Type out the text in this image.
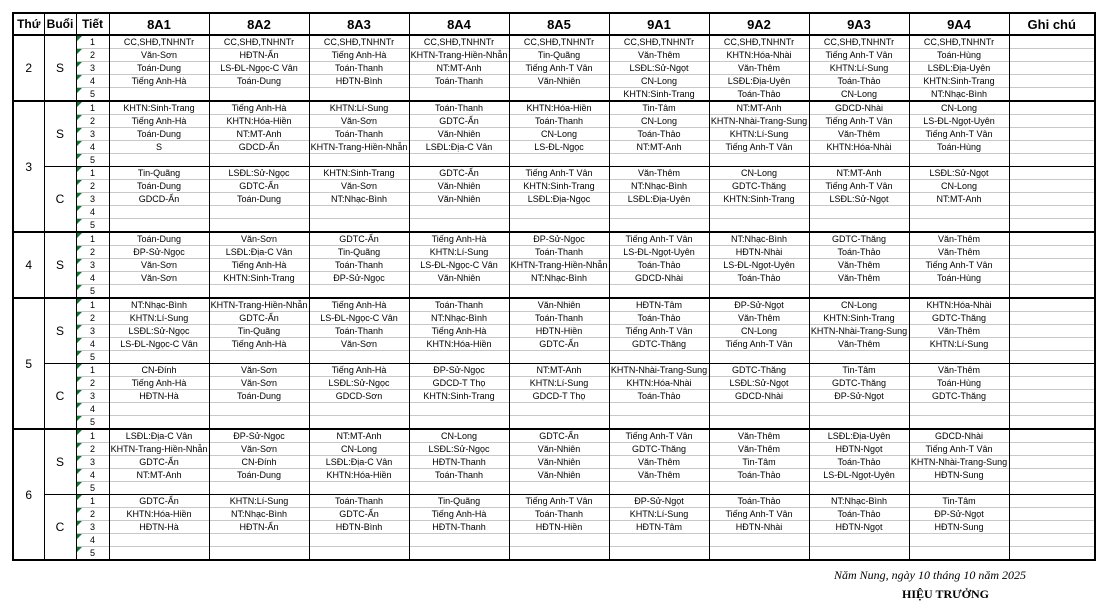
Thứ	Buổi	Tiết	8A1	8A2	8A3	8A4	8A5	9A1	9A2	9A3	9A4	Ghi chú
2	S	1	CC,SHĐ,TNHNTr	CC,SHĐ,TNHNTr	CC,SHĐ,TNHNTr	CC,SHĐ,TNHNTr	CC,SHĐ,TNHNTr	CC,SHĐ,TNHNTr	CC,SHĐ,TNHNTr	CC,SHĐ,TNHNTr	CC,SHĐ,TNHNTr	
		2	Văn-Sơn	HĐTN-Ẩn	Tiếng Anh-Hà	KHTN-Trang-Hiền-Nhẫn	Tin-Quãng	Văn-Thêm	KHTN:Hóa-Nhài	Tiếng Anh-T Vân	Toán-Hùng	
		3	Toán-Dung	LS-ĐL-Ngọc-C Vân	Toán-Thanh	NT:MT-Anh	Tiếng Anh-T Vân	LSĐL:Sử-Ngọt	Văn-Thêm	KHTN:Lí-Sung	LSĐL:Địa-Uyên	
		4	Tiếng Anh-Hà	Toán-Dung	HĐTN-Bình	Toán-Thanh	Văn-Nhiên	CN-Long	LSĐL:Địa-Uyên	Toán-Thảo	KHTN:Sinh-Trang	
		5						KHTN:Sinh-Trang	Toán-Thảo	CN-Long	NT:Nhạc-Bình	
3	S	1	KHTN:Sinh-Trang	Tiếng Anh-Hà	KHTN:Lí-Sung	Toán-Thanh	KHTN:Hóa-Hiền	Tin-Tâm	NT:MT-Anh	GDCD-Nhài	CN-Long	
		2	Tiếng Anh-Hà	KHTN:Hóa-Hiền	Văn-Sơn	GDTC-Ẩn	Toán-Thanh	CN-Long	KHTN-Nhài-Trang-Sung	Tiếng Anh-T Vân	LS-ĐL-Ngọt-Uyên	
		3	Toán-Dung	NT:MT-Anh	Toán-Thanh	Văn-Nhiên	CN-Long	Toán-Thảo	KHTN:Lí-Sung	Văn-Thêm	Tiếng Anh-T Vân	
		4	S	GDCD-Ẩn	KHTN-Trang-Hiền-Nhẫn	LSĐL:Địa-C Vân	LS-ĐL-Ngọc	NT:MT-Anh	Tiếng Anh-T Vân	KHTN:Hóa-Nhài	Toán-Hùng	
		5										
	C	1	Tin-Quãng	LSĐL:Sử-Ngọc	KHTN:Sinh-Trang	GDTC-Ẩn	Tiếng Anh-T Vân	Văn-Thêm	CN-Long	NT:MT-Anh	LSĐL:Sử-Ngọt	
		2	Toán-Dung	GDTC-Ẩn	Văn-Sơn	Văn-Nhiên	KHTN:Sinh-Trang	NT:Nhạc-Bình	GDTC-Thăng	Tiếng Anh-T Vân	CN-Long	
		3	GDCD-Ẩn	Toán-Dung	NT:Nhạc-Bình	Văn-Nhiên	LSĐL:Địa-Ngọc	LSĐL:Địa-Uyên	KHTN:Sinh-Trang	LSĐL:Sử-Ngọt	NT:MT-Anh	
		4										
		5										
4	S	1	Toán-Dung	Văn-Sơn	GDTC-Ẩn	Tiếng Anh-Hà	ĐP-Sử-Ngọc	Tiếng Anh-T Vân	NT:Nhạc-Bình	GDTC-Thăng	Văn-Thêm	
		2	ĐP-Sử-Ngọc	LSĐL:Địa-C Vân	Tin-Quãng	KHTN:Lí-Sung	Toán-Thanh	LS-ĐL-Ngọt-Uyên	HĐTN-Nhài	Toán-Thảo	Văn-Thêm	
		3	Văn-Sơn	Tiếng Anh-Hà	Toán-Thanh	LS-ĐL-Ngọc-C Vân	KHTN-Trang-Hiền-Nhẫn	Toán-Thảo	LS-ĐL-Ngọt-Uyên	Văn-Thêm	Tiếng Anh-T Vân	
		4	Văn-Sơn	KHTN:Sinh-Trang	ĐP-Sử-Ngọc	Văn-Nhiên	NT:Nhạc-Bình	GDCD-Nhài	Toán-Thảo	Văn-Thêm	Toán-Hùng	
		5										
5	S	1	NT:Nhạc-Bình	KHTN-Trang-Hiền-Nhẫn	Tiếng Anh-Hà	Toán-Thanh	Văn-Nhiên	HĐTN-Tâm	ĐP-Sử-Ngọt	CN-Long	KHTN:Hóa-Nhài	
		2	KHTN:Lí-Sung	GDTC-Ẩn	LS-ĐL-Ngọc-C Vân	NT:Nhạc-Bình	Toán-Thanh	Toán-Thảo	Văn-Thêm	KHTN:Sinh-Trang	GDTC-Thăng	
		3	LSĐL:Sử-Ngọc	Tin-Quãng	Toán-Thanh	Tiếng Anh-Hà	HĐTN-Hiền	Tiếng Anh-T Vân	CN-Long	KHTN-Nhài-Trang-Sung	Văn-Thêm	
		4	LS-ĐL-Ngọc-C Vân	Tiếng Anh-Hà	Văn-Sơn	KHTN:Hóa-Hiền	GDTC-Ẩn	GDTC-Thăng	Tiếng Anh-T Vân	Văn-Thêm	KHTN:Lí-Sung	
		5										
	C	1	CN-Đính	Văn-Sơn	Tiếng Anh-Hà	ĐP-Sử-Ngọc	NT:MT-Anh	KHTN-Nhài-Trang-Sung	GDTC-Thăng	Tin-Tâm	Văn-Thêm	
		2	Tiếng Anh-Hà	Văn-Sơn	LSĐL:Sử-Ngọc	GDCD-T Thọ	KHTN:Lí-Sung	KHTN:Hóa-Nhài	LSĐL:Sử-Ngọt	GDTC-Thăng	Toán-Hùng	
		3	HĐTN-Hà	Toán-Dung	GDCD-Sơn	KHTN:Sinh-Trang	GDCD-T Thọ	Toán-Thảo	GDCD-Nhài	ĐP-Sử-Ngọt	GDTC-Thăng	
		4										
		5										
6	S	1	LSĐL:Địa-C Vân	ĐP-Sử-Ngọc	NT:MT-Anh	CN-Long	GDTC-Ẩn	Tiếng Anh-T Vân	Văn-Thêm	LSĐL:Địa-Uyên	GDCD-Nhài	
		2	KHTN-Trang-Hiền-Nhẫn	Văn-Sơn	CN-Long	LSĐL:Sử-Ngọc	Văn-Nhiên	GDTC-Thăng	Văn-Thêm	HĐTN-Ngọt	Tiếng Anh-T Vân	
		3	GDTC-Ẩn	CN-Đính	LSĐL:Địa-C Vân	HĐTN-Thanh	Văn-Nhiên	Văn-Thêm	Tin-Tâm	Toán-Thảo	KHTN-Nhài-Trang-Sung	
		4	NT:MT-Anh	Toán-Dung	KHTN:Hóa-Hiền	Toán-Thanh	Văn-Nhiên	Văn-Thêm	Toán-Thảo	LS-ĐL-Ngọt-Uyên	HĐTN-Sung	
		5										
	C	1	GDTC-Ẩn	KHTN:Lí-Sung	Toán-Thanh	Tin-Quãng	Tiếng Anh-T Vân	ĐP-Sử-Ngọt	Toán-Thảo	NT:Nhạc-Bình	Tin-Tâm	
		2	KHTN:Hóa-Hiền	NT:Nhạc-Bình	GDTC-Ẩn	Tiếng Anh-Hà	Toán-Thanh	KHTN:Lí-Sung	Tiếng Anh-T Vân	Toán-Thảo	ĐP-Sử-Ngọt	
		3	HĐTN-Hà	HĐTN-Ẩn	HĐTN-Bình	HĐTN-Thanh	HĐTN-Hiền	HĐTN-Tâm	HĐTN-Nhài	HĐTN-Ngọt	HĐTN-Sung	
		4										
		5										
Năm Nung, ngày 10 tháng 10 năm 2025
HIỆU TRƯỞNG
